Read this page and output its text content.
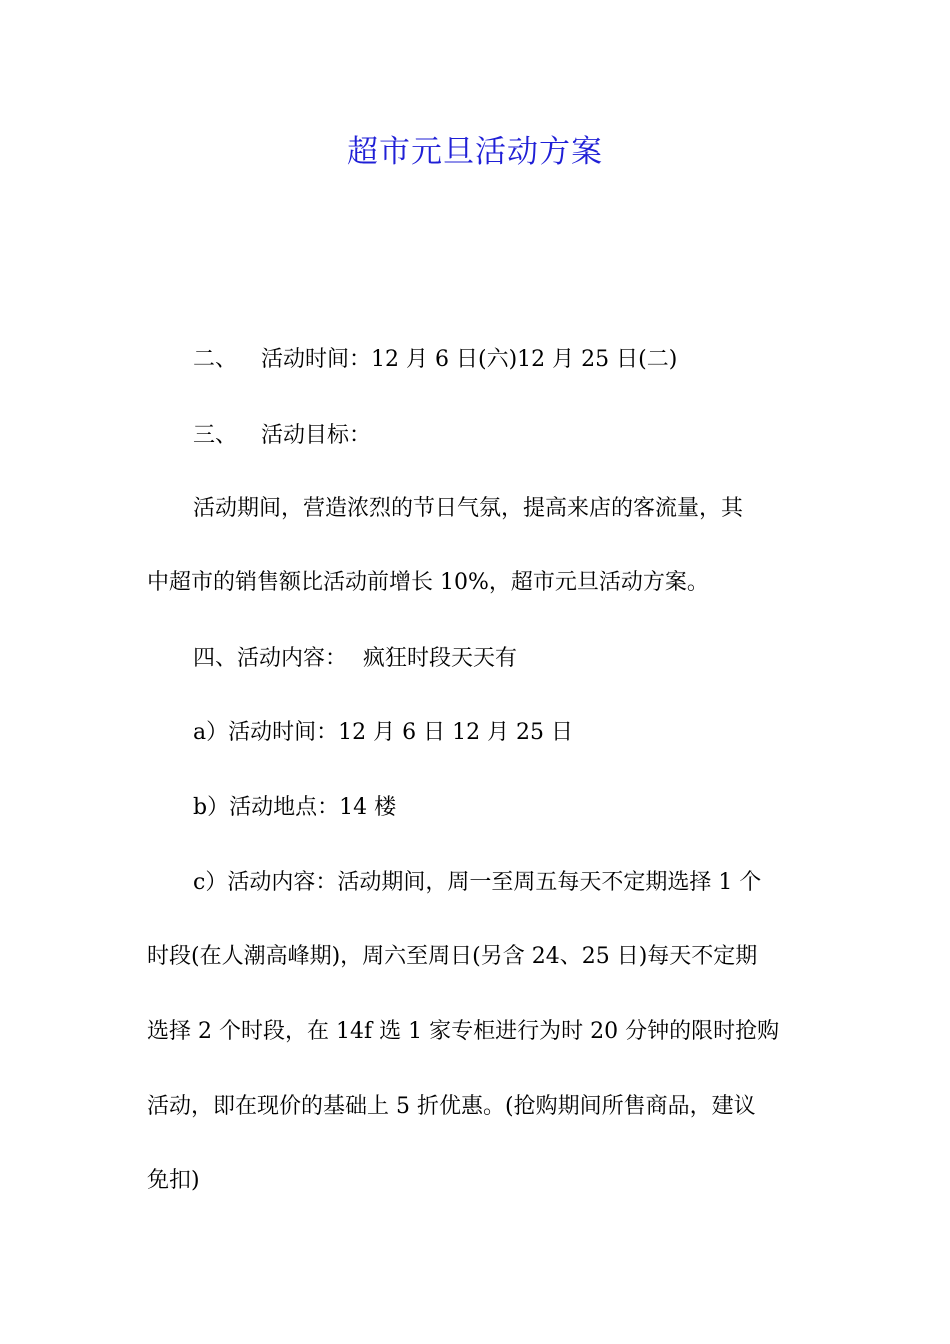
超市元旦活动方案
二、 活动时间：12 月 6 日(六)12 月 25 日(二)
三、 活动目标：
活动期间，营造浓烈的节日气氛，提高来店的客流量，其
中超市的销售额比活动前增长 10%，超市元旦活动方案。
四、活动内容： 疯狂时段天天有
a）活动时间：12 月 6 日 12 月 25 日
b）活动地点：14 楼
c）活动内容：活动期间，周一至周五每天不定期选择 1 个
时段(在人潮高峰期)，周六至周日(另含 24、25 日)每天不定期
选择 2 个时段，在 14f 选 1 家专柜进行为时 20 分钟的限时抢购
活动，即在现价的基础上 5 折优惠。(抢购期间所售商品，建议
免扣)
